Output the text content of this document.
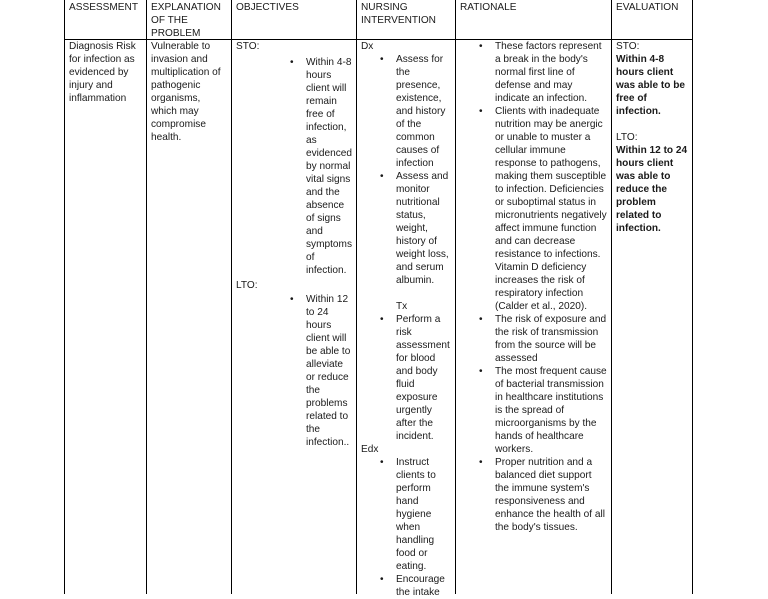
ASSESSMENT EXPLANATION OF THE PROBLEM
OBJECTIVES	NURSING INTERVENTION
RATIONALE	EVALUATION

Diagnosis Risk for infection as evidenced by injury and inflammation

Vulnerable to invasion and multiplication of pathogenic organisms, which may compromise health.

STO:

• Within 4-8 hours client will remain free of infection, as evidenced by normal vital signs and the absence of signs and symptoms of infection.

LTO:

• Within 12 to 24 hours client will be able to alleviate or reduce the problems related to the infection..

Dx

• Assess for the presence, existence, and history of the common causes of infection
• Assess and monitor nutritional status, weight, history of weight loss, and serum albumin.

Tx

• Perform a risk assessment for blood and body fluid exposure urgently after the incident.

Edx

• Instruct clients to perform hand hygiene when handling food or eating.
• Encourage the intake
• These factors represent a break in the body's normal first line of defense and may indicate an infection.
• Clients with inadequate nutrition may be anergic or unable to muster a cellular immune response to pathogens, making them susceptible to infection. Deficiencies or suboptimal status in micronutrients negatively affect immune function and can decrease resistance to infections. Vitamin D deficiency increases the risk of respiratory infection (Calder et al., 2020).
• The risk of exposure and the risk of transmission from the source will be assessed
• The most frequent cause of bacterial transmission in healthcare institutions is the spread of microorganisms by the hands of healthcare workers.
• Proper nutrition and a balanced diet support the immune system's responsiveness and enhance the health of all the body's tissues.

STO:

Within 4-8 hours client was able to be free of infection.

LTO:

Within 12 to 24 hours client was able to reduce the problem related to infection.
